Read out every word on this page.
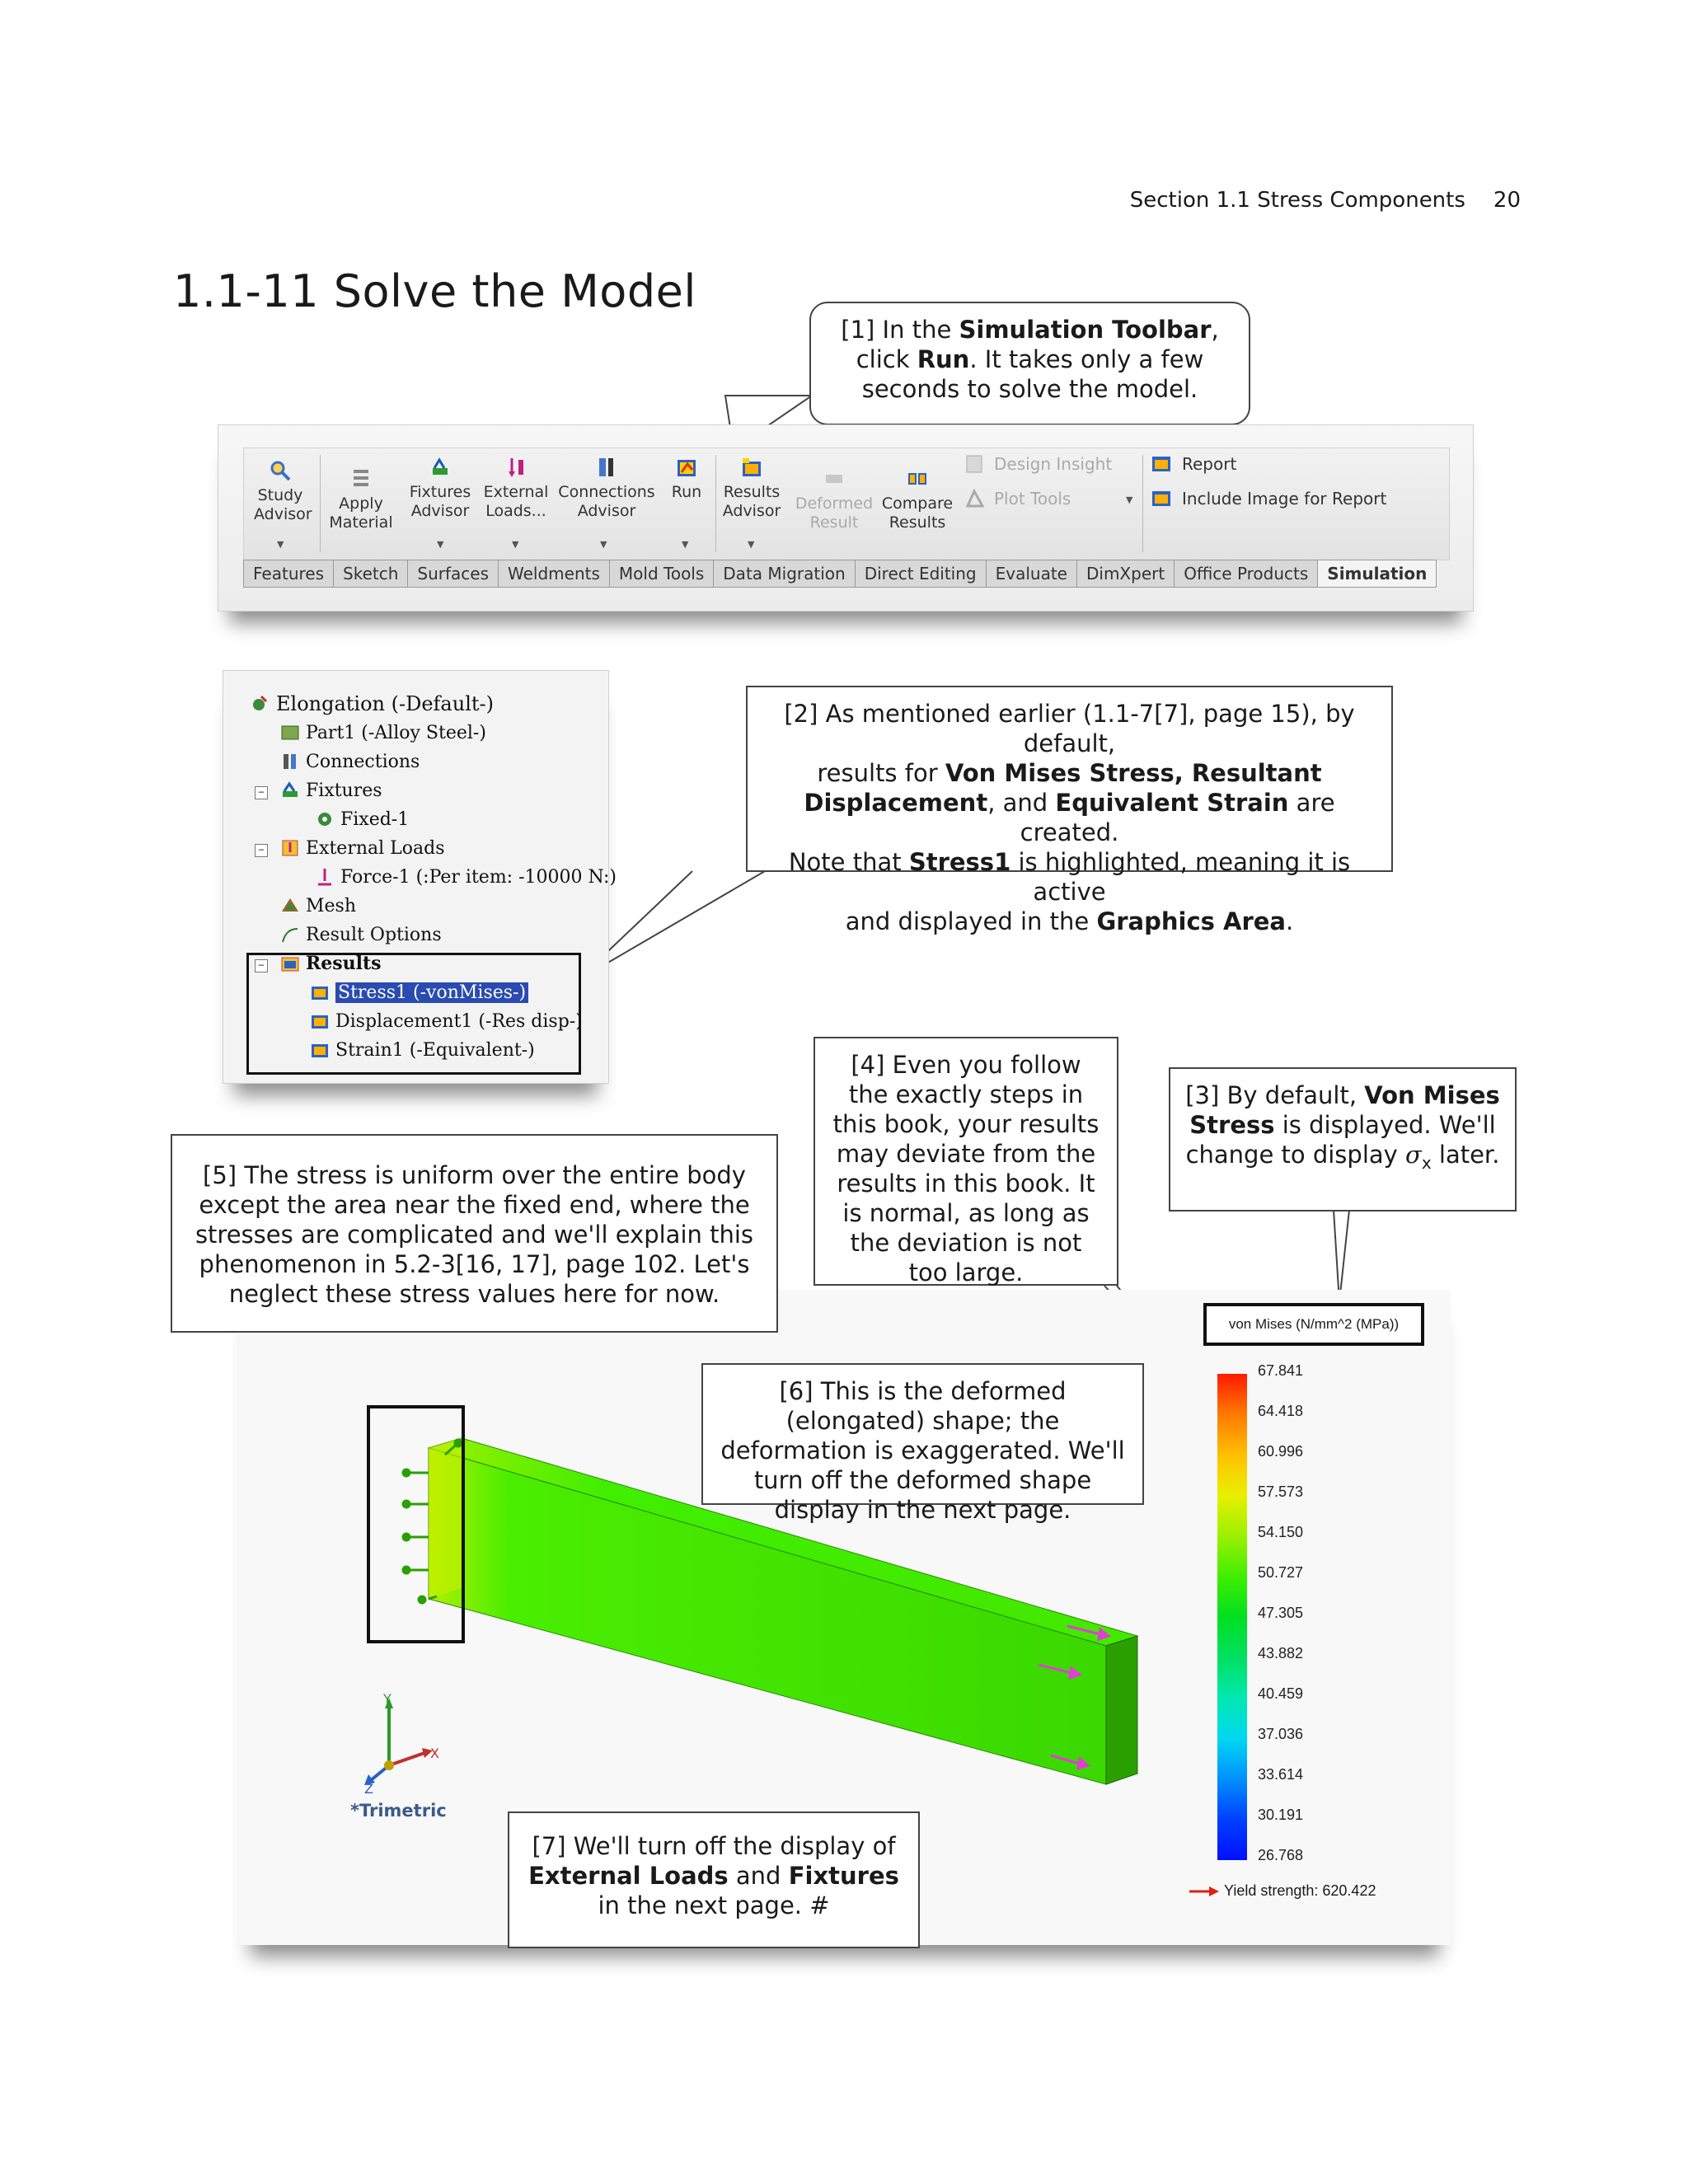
Section 1.1 Stress Components 20
1.1-11 Solve the Model
[1] In the Simulation Toolbar,
click Run. It takes only a few
seconds to solve the model.
Study
Advisor
Apply
Material
Fixtures
Advisor
External
Loads...
Connections
Advisor
Run	Results
Advisor Deformed
Result
Compare
Results
Design Insight
Plot Tools	▼
Report
Include Image for Report
▼	▼	▼	▼	▼	▼
Features	Sketch	Surfaces	Weldments	Mold Tools	Data Migration	Direct Editing	Evaluate	DimXpert	Office Products	Simulation
Elongation (-Default-)
Part1 (-Alloy Steel-)
Connections
− Fixtures
Fixed-1
− External Loads
Force-1 (:Per item: -10000 N:)
Mesh
Result Options
− Results
Stress1 (-vonMises-)
Displacement1 (-Res disp-)
Strain1 (-Equivalent-)
[2] As mentioned earlier (1.1-7[7], page 15), by default,
results for Von Mises Stress, Resultant
Displacement, and Equivalent Strain are created.
Note that Stress1 is highlighted, meaning it is active
and displayed in the Graphics Area.
Y
X
Z
*Trimetric
von Mises (N/mm^2 (MPa))
67.841
64.418
60.996
57.573
54.150
50.727
47.305
43.882
40.459
37.036
33.614
30.191
26.768
Yield strength: 620.422
[3] By default, Von Mises
Stress is displayed. We'll
change to display $\sigma_x$ later.
[4] Even you follow the exactly steps in this book, your results may deviate from the results in this book. It is normal, as long as the deviation is not too large.
[5] The stress is uniform over the entire body except the area near the fixed end, where the stresses are complicated and we'll explain this phenomenon in 5.2-3[16, 17], page 102. Let's neglect these stress values here for now.
[6] This is the deformed (elongated) shape; the deformation is exaggerated. We'll turn off the deformed shape display in the next page.
[7] We'll turn off the display of
External Loads and Fixtures
in the next page. #
